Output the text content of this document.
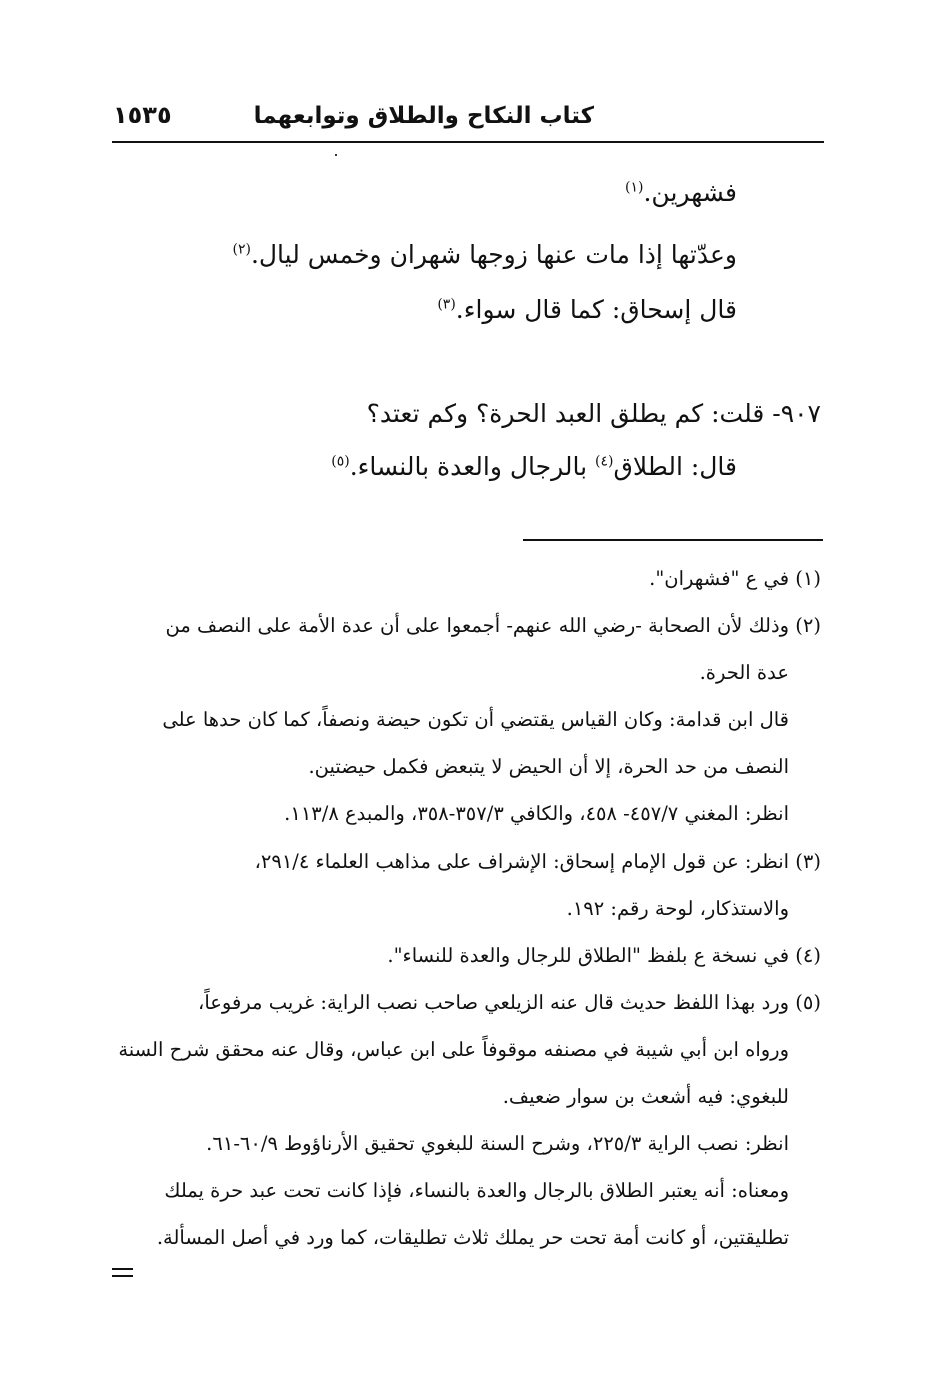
كتاب النكاح والطلاق وتوابعهما
١٥٣٥
فشهرين.$^{(١)}$
وعدّتها إذا مات عنها زوجها شهران وخمس ليال.$^{(٢)}$
قال إسحاق: كما قال سواء.$^{(٣)}$
٩٠٧- قلت: كم يطلق العبد الحرة؟ وكم تعتد؟
قال: الطلاق$^{(٤)}$ بالرجال والعدة بالنساء.$^{(٥)}$
(١) في ع "فشهران".
(٢) وذلك لأن الصحابة -رضي الله عنهم- أجمعوا على أن عدة الأمة على النصف من
عدة الحرة.
قال ابن قدامة: وكان القياس يقتضي أن تكون حيضة ونصفاً، كما كان حدها على
النصف من حد الحرة، إلا أن الحيض لا يتبعض فكمل حيضتين.
انظر: المغني ٤٥٧/٧- ٤٥٨، والكافي ٣٥٧/٣-٣٥٨، والمبدع ١١٣/٨.
(٣) انظر: عن قول الإمام إسحاق: الإشراف على مذاهب العلماء ٢٩١/٤،
والاستذكار، لوحة رقم: ١٩٢.
(٤) في نسخة ع بلفظ "الطلاق للرجال والعدة للنساء".
(٥) ورد بهذا اللفظ حديث قال عنه الزيلعي صاحب نصب الراية: غريب مرفوعاً،
ورواه ابن أبي شيبة في مصنفه موقوفاً على ابن عباس، وقال عنه محقق شرح السنة
للبغوي: فيه أشعث بن سوار ضعيف.
انظر: نصب الراية ٢٢٥/٣، وشرح السنة للبغوي تحقيق الأرناؤوط ٦٠/٩-٦١.
ومعناه: أنه يعتبر الطلاق بالرجال والعدة بالنساء، فإذا كانت تحت عبد حرة يملك
تطليقتين، أو كانت أمة تحت حر يملك ثلاث تطليقات، كما ورد في أصل المسألة.
